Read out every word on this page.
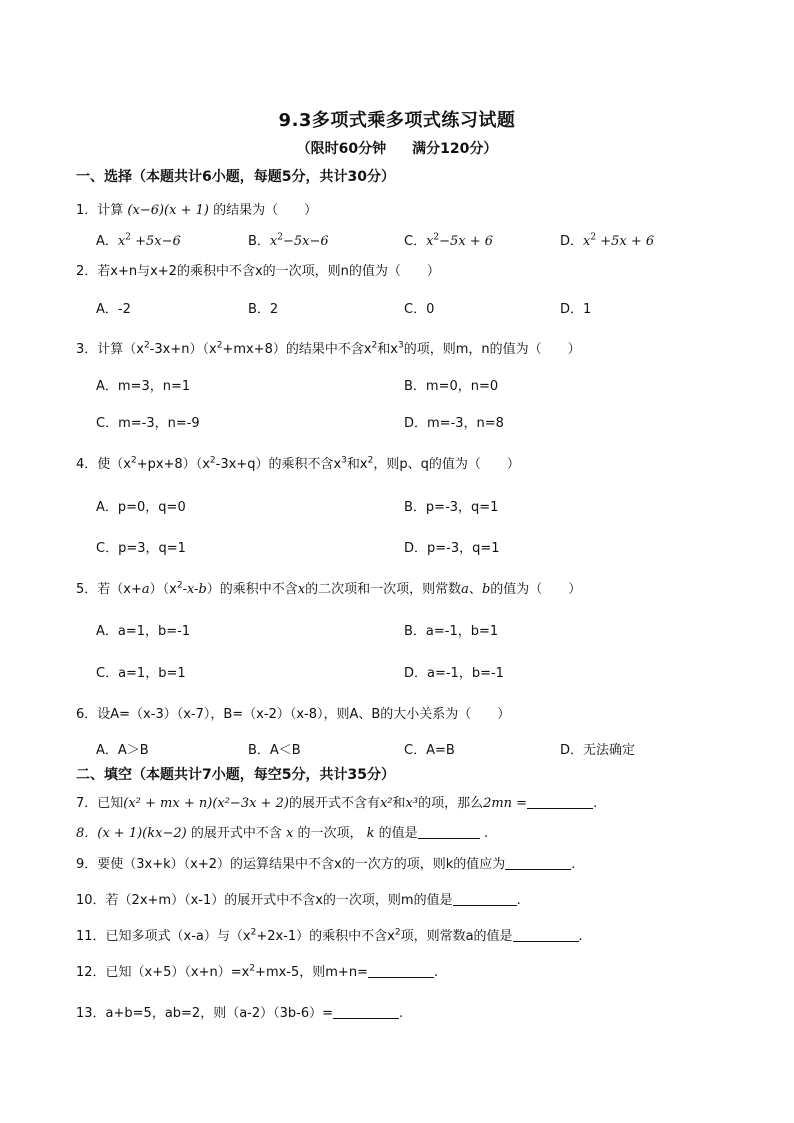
9.3多项式乘多项式练习试题
（限时60分钟 满分120分）
一、选择（本题共计6小题，每题5分，共计30分）
1．计算 (x−6)(x + 1) 的结果为（　　）
A．$x^2 +5x-6$	B．$x^2-5x-6$	C．$x^2-5x + 6$	D．$x^2 +5x + 6$
2．若x+n与x+2的乘积中不含x的一次项，则n的值为（　　）
A．-2	B．2	C．0	D．1
3．计算$(x^2-3x+n)(x^2+mx+8)$的结果中不含$x^2$和$x^3$的项，则m，n的值为（　　）
A．m=3，n=1	B．m=0，n=0
C．m=-3，n=-9	D．m=-3，n=8
4．使$(x^2+px+8)(x^2-3x+q)$的乘积不含$x^3$和$x^2$，则p、q的值为（　　）
A．p=0，q=0	B．p=-3，q=1
C．p=3，q=1	D．p=-3，q=1
5．若$(x+a)(x^2-x-b)$的乘积中不含x的二次项和一次项，则常数a、b的值为（　　）
A．a=1，b=-1	B．a=-1，b=1
C．a=1，b=1	D．a=-1，b=-1
6．设A=（x-3）（x-7），B=（x-2）（x-8），则A、B的大小关系为（　　）
A．A＞B	B．A＜B	C．A=B	D．无法确定
二、填空（本题共计7小题，每空5分，共计35分）
7．已知(x² + mx + n)(x²−3x + 2)的展开式不含有x²和x³的项，那么2mn =	.
8．(x + 1)(kx−2) 的展开式中不含 x 的一次项， k 的值是	.
9．要使（3x+k）（x+2）的运算结果中不含x的一次方的项，则k的值应为	.
10．若（2x+m）（x-1）的展开式中不含x的一次项，则m的值是	.
11．已知多项式（x-a）与$(x^2+2x-1)$的乘积中不含$x^2$项，则常数a的值是	.
12．已知$(x+5)(x+n)=x^2+mx-5$，则m+n=	.
13．a+b=5，ab=2，则（a-2）（3b-6）=	.
